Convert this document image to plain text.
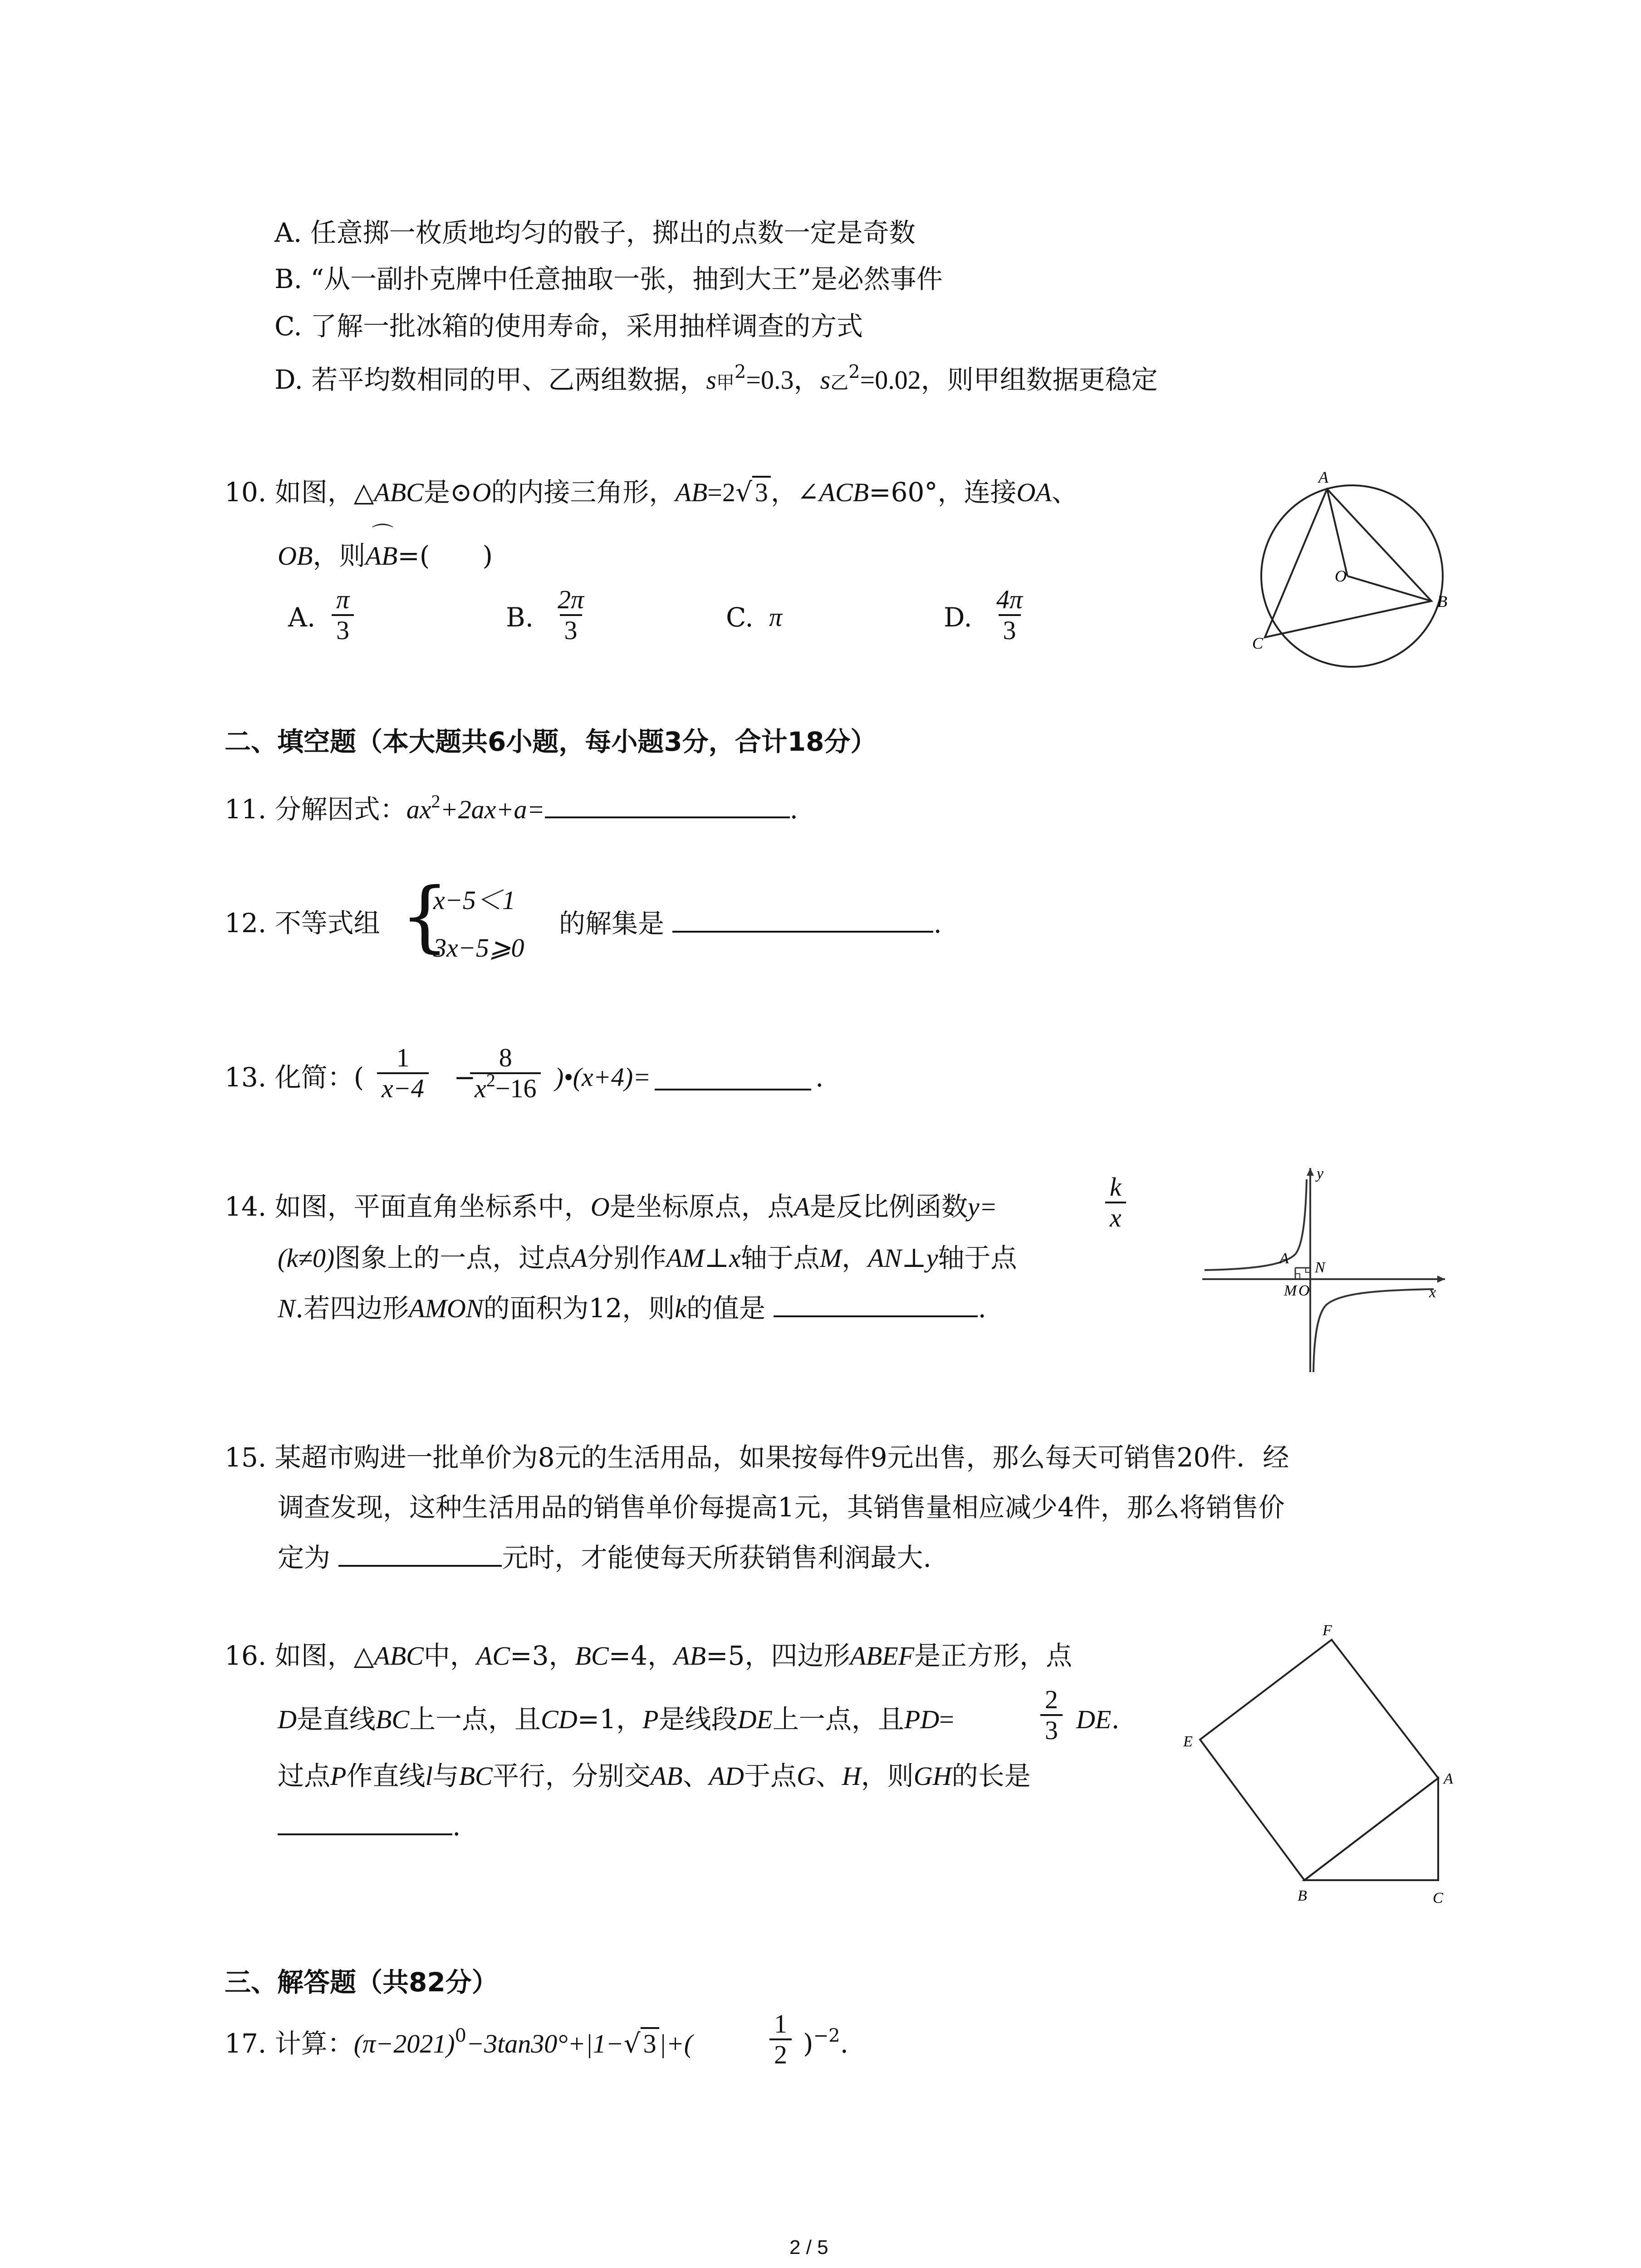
A. 任意掷一枚质地均匀的骰子，掷出的点数一定是奇数
B. “从一副扑克牌中任意抽取一张，抽到大王”是必然事件
C. 了解一批冰箱的使用寿命，采用抽样调查的方式
D. 若平均数相同的甲、乙两组数据，s甲$^2$=0.3，s乙$^2$=0.02，则甲组数据更稳定
10. 如图，△ABC是⊙O的内接三角形，AB=2√ 3 ，∠ACB=60°，连接OA、
OB，则
⌒
AB=(　　)
A. $\frac{\pi}{3}$	B. $\frac{2\pi}{3}$	C. π	D. $\frac{4\pi}{3}$
A
B
C
O
二、填空题（本大题共6小题，每小题3分，合计18分）
11. 分解因式：$ax^2+2ax+a=$	.
12. 不等式组 {
x−5＜1
3x−5⩾0
的解集是	.
13. 化简：( $\frac{1}{x-4}$ −
$\frac{8}{x^2-16}$ )•(x+4)=	.
14. 如图，平面直角坐标系中，O是坐标原点，点A是反比例函数y=	$\frac{k}{x}$
(k≠0)图象上的一点，过点A分别作AM⊥x轴于点M，AN⊥y轴于点
N.若四边形AMON的面积为12，则k的值是	.
y
x
A
N
M O
15. 某超市购进一批单价为8元的生活用品，如果按每件9元出售，那么每天可销售20件．经
调查发现，这种生活用品的销售单价每提高1元，其销售量相应减少4件，那么将销售价
定为	元时，才能使每天所获销售利润最大.
16. 如图，△ABC中，AC=3，BC=4，AB=5，四边形ABEF是正方形，点
D是直线BC上一点，且CD=1，P是线段DE上一点，且PD=	$\frac{2}{3}$ DE.
过点P作直线l与BC平行，分别交AB、AD于点G、H，则GH的长是
.
F
E
A
B	C
三、解答题（共82分）
17. 计算：$(\pi-2021)^0-3\tan 30^\circ+|1-√$ 3 |+(	$\frac{1}{2} )^{-2}$.
2 / 5
